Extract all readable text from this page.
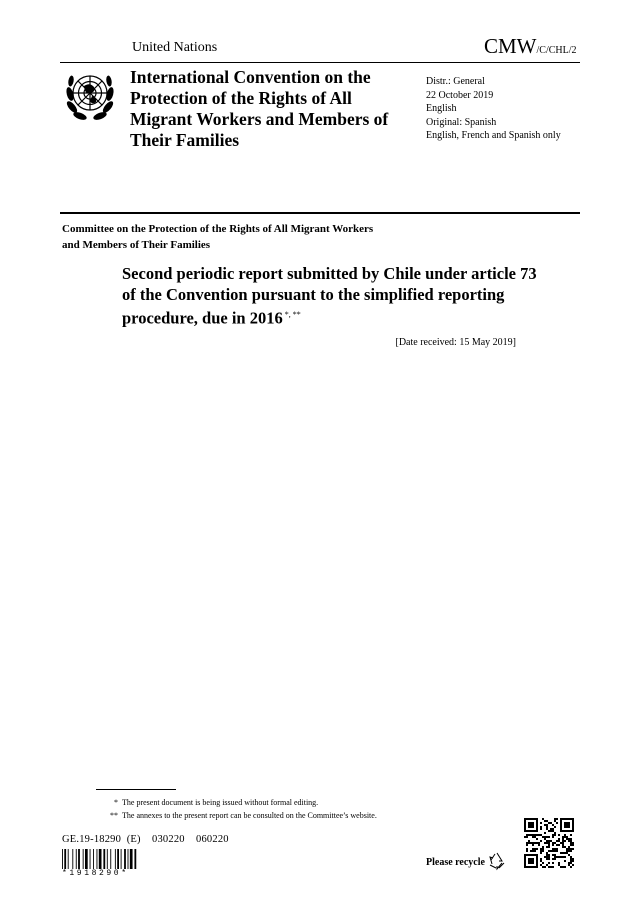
United Nations	CMW/C/CHL/2
International Convention on the Protection of the Rights of All Migrant Workers and Members of Their Families
Distr.: General
22 October 2019
English
Original: Spanish
English, French and Spanish only
Committee on the Protection of the Rights of All Migrant Workers and Members of Their Families
Second periodic report submitted by Chile under article 73 of the Convention pursuant to the simplified reporting procedure, due in 2016 *, **
[Date received: 15 May 2019]
* The present document is being issued without formal editing.
** The annexes to the present report can be consulted on the Committee’s website.
GE.19-18290  (E)    030220    060220
*1918290*
Please recycle
